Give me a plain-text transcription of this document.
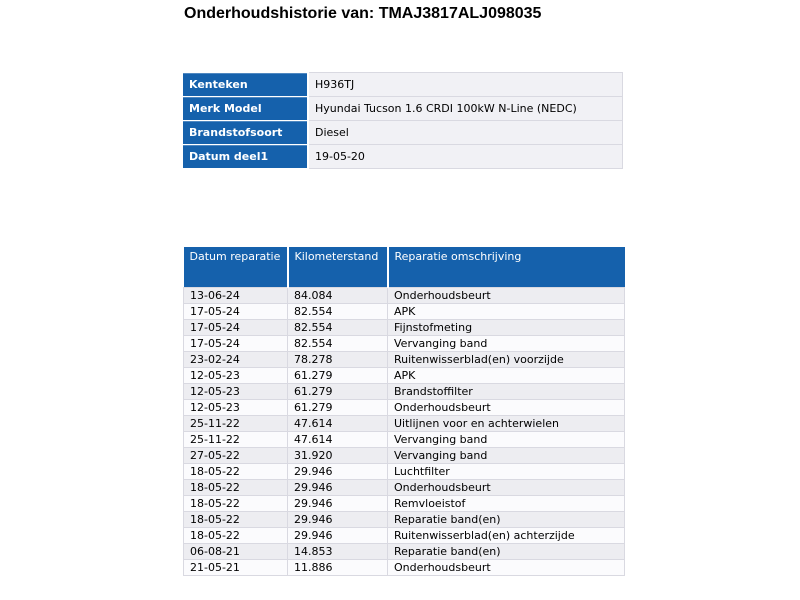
Onderhoudshistorie van: TMAJ3817ALJ098035
Kenteken	H936TJ
Merk Model	Hyundai Tucson 1.6 CRDI 100kW N-Line (NEDC)
Brandstofsoort	Diesel
Datum deel1	19-05-20
Datum reparatie	Kilometerstand	Reparatie omschrijving
13-06-24	84.084	Onderhoudsbeurt
17-05-24	82.554	APK
17-05-24	82.554	Fijnstofmeting
17-05-24	82.554	Vervanging band
23-02-24	78.278	Ruitenwisserblad(en) voorzijde
12-05-23	61.279	APK
12-05-23	61.279	Brandstoffilter
12-05-23	61.279	Onderhoudsbeurt
25-11-22	47.614	Uitlijnen voor en achterwielen
25-11-22	47.614	Vervanging band
27-05-22	31.920	Vervanging band
18-05-22	29.946	Luchtfilter
18-05-22	29.946	Onderhoudsbeurt
18-05-22	29.946	Remvloeistof
18-05-22	29.946	Reparatie band(en)
18-05-22	29.946	Ruitenwisserblad(en) achterzijde
06-08-21	14.853	Reparatie band(en)
21-05-21	11.886	Onderhoudsbeurt
